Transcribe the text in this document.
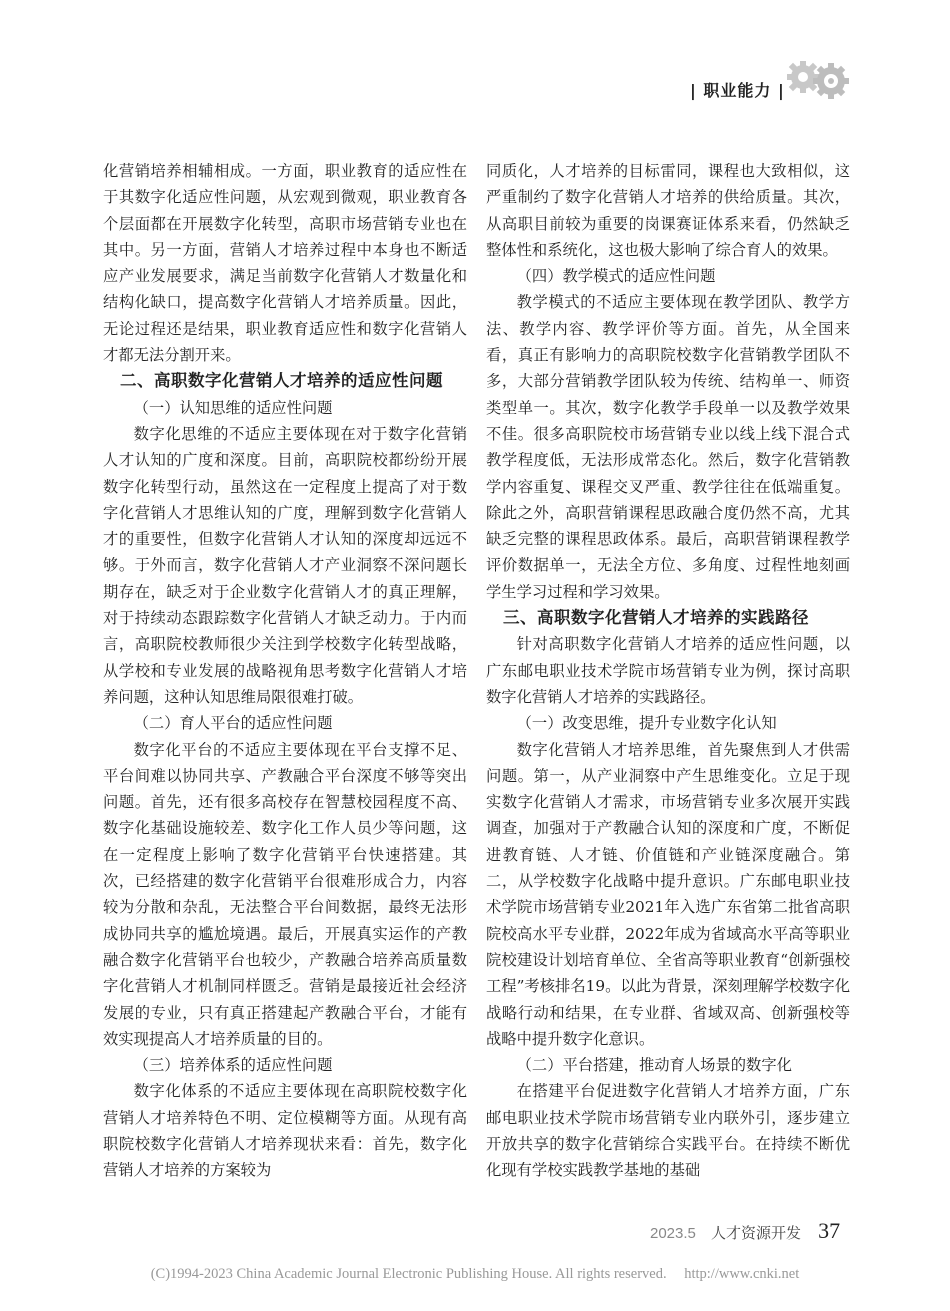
| 职业能力 |

化营销培养相辅相成。一方面，职业教育的适应性在于其数字化适应性问题，从宏观到微观，职业教育各个层面都在开展数字化转型，高职市场营销专业也在其中。另一方面，营销人才培养过程中本身也不断适应产业发展要求，满足当前数字化营销人才数量化和结构化缺口，提高数字化营销人才培养质量。因此，无论过程还是结果，职业教育适应性和数字化营销人才都无法分割开来。

　二、高职数字化营销人才培养的适应性问题

（一）认知思维的适应性问题

数字化思维的不适应主要体现在对于数字化营销人才认知的广度和深度。目前，高职院校都纷纷开展数字化转型行动，虽然这在一定程度上提高了对于数字化营销人才思维认知的广度，理解到数字化营销人才的重要性，但数字化营销人才认知的深度却远远不够。于外而言，数字化营销人才产业洞察不深问题长期存在，缺乏对于企业数字化营销人才的真正理解，对于持续动态跟踪数字化营销人才缺乏动力。于内而言，高职院校教师很少关注到学校数字化转型战略，从学校和专业发展的战略视角思考数字化营销人才培养问题，这种认知思维局限很难打破。

（二）育人平台的适应性问题

数字化平台的不适应主要体现在平台支撑不足、平台间难以协同共享、产教融合平台深度不够等突出问题。首先，还有很多高校存在智慧校园程度不高、数字化基础设施较差、数字化工作人员少等问题，这在一定程度上影响了数字化营销平台快速搭建。其次，已经搭建的数字化营销平台很难形成合力，内容较为分散和杂乱，无法整合平台间数据，最终无法形成协同共享的尴尬境遇。最后，开展真实运作的产教融合数字化营销平台也较少，产教融合培养高质量数字化营销人才机制同样匮乏。营销是最接近社会经济发展的专业，只有真正搭建起产教融合平台，才能有效实现提高人才培养质量的目的。

（三）培养体系的适应性问题

数字化体系的不适应主要体现在高职院校数字化营销人才培养特色不明、定位模糊等方面。从现有高职院校数字化营销人才培养现状来看：首先，数字化营销人才培养的方案较为

同质化，人才培养的目标雷同，课程也大致相似，这严重制约了数字化营销人才培养的供给质量。其次，从高职目前较为重要的岗课赛证体系来看，仍然缺乏整体性和系统化，这也极大影响了综合育人的效果。

（四）教学模式的适应性问题

教学模式的不适应主要体现在教学团队、教学方法、教学内容、教学评价等方面。首先，从全国来看，真正有影响力的高职院校数字化营销教学团队不多，大部分营销教学团队较为传统、结构单一、师资类型单一。其次，数字化教学手段单一以及教学效果不佳。很多高职院校市场营销专业以线上线下混合式教学程度低，无法形成常态化。然后，数字化营销教学内容重复、课程交叉严重、教学往往在低端重复。除此之外，高职营销课程思政融合度仍然不高，尤其缺乏完整的课程思政体系。最后，高职营销课程教学评价数据单一，无法全方位、多角度、过程性地刻画学生学习过程和学习效果。

　三、高职数字化营销人才培养的实践路径

针对高职数字化营销人才培养的适应性问题，以广东邮电职业技术学院市场营销专业为例，探讨高职数字化营销人才培养的实践路径。

（一）改变思维，提升专业数字化认知

数字化营销人才培养思维，首先聚焦到人才供需问题。第一，从产业洞察中产生思维变化。立足于现实数字化营销人才需求，市场营销专业多次展开实践调查，加强对于产教融合认知的深度和广度，不断促进教育链、人才链、价值链和产业链深度融合。第二，从学校数字化战略中提升意识。广东邮电职业技术学院市场营销专业2021年入选广东省第二批省高职院校高水平专业群，2022年成为省域高水平高等职业院校建设计划培育单位、全省高等职业教育“创新强校工程”考核排名19。以此为背景，深刻理解学校数字化战略行动和结果，在专业群、省域双高、创新强校等战略中提升数字化意识。

（二）平台搭建，推动育人场景的数字化

在搭建平台促进数字化营销人才培养方面，广东邮电职业技术学院市场营销专业内联外引，逐步建立开放共享的数字化营销综合实践平台。在持续不断优化现有学校实践教学基地的基础

2023.5 人才资源开发 37
(C)1994-2023 China Academic Journal Electronic Publishing House. All rights reserved. http://www.cnki.net
